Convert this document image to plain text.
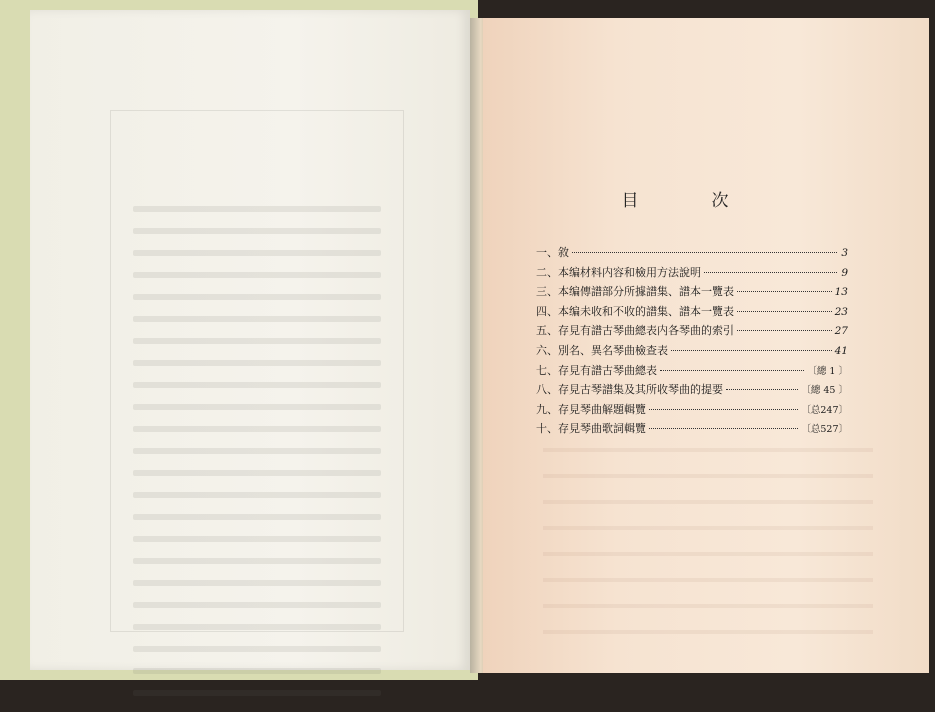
目　次
一、敘	3
二、本编材料内容和檢用方法說明	9
三、本编傳譜部分所據譜集、譜本一覽表	13
四、本编未收和不收的譜集、譜本一覽表	23
五、存見有譜古琴曲總表内各琴曲的索引	27
六、別名、異名琴曲檢查表	41
七、存見有譜古琴曲總表	〔總 1 〕
八、存見古琴譜集及其所收琴曲的提要	〔總 45 〕
九、存見琴曲解題輯覽	〔总247〕
十、存見琴曲歌詞輯覽	〔总527〕
